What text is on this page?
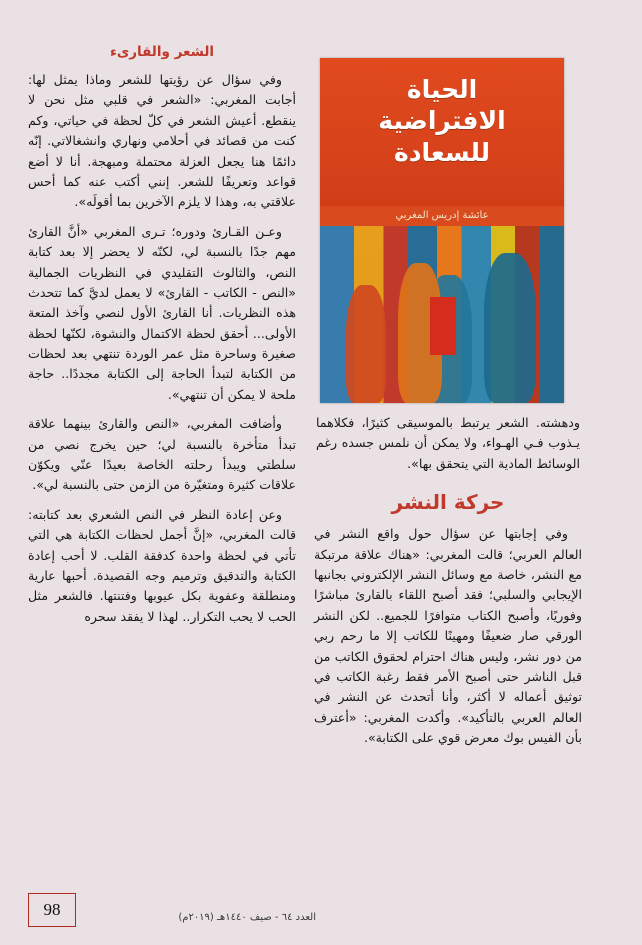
الشعر والقارىء

وفي سؤال عن رؤيتها للشعر وماذا يمثل لها: أجابت المغربي: «الشعر في قلبي مثل نحن لا ينقطع. أعيش الشعر في كلّ لحظة في حياتي، وكم كنت من قصائد في أحلامي ونهاري وانشغالاتي. إنّه دائمًا هنا يجعل العزلة محتملة ومبهجة. أنا لا أضع قواعد وتعريفًا للشعر. إنني أكتب عنه كما أحس علاقتي به، وهذا لا يلزم الآخرين بما أقولَه».

وعـن القـارئ ودوره؛ تـرى المغربي «أنَّ القارئ مهم جدًا بالنسبة لي، لكنّه لا يحضر إلا بعد كتابة النص، والثالوث التقليدي في النظريات الجمالية «النص - الكاتب - القارئ» لا يعمل لديَّ كما تتحدث هذه النظريات. أنا القارئ الأول لنصي وآخذ المتعة الأولى... أحقق لحظة الاكتمال والنشوة، لكنّها لحظة صغيرة وساحرة مثل عمر الوردة تنتهي بعد لحظات من الكتابة لتبدأ الحاجة إلى الكتابة مجددًا.. حاجة ملحة لا يمكن أن تنتهي».

وأضافت المغربي، «النص والقارئ بينهما علاقة تبدأ متأخرة بالنسبة لي؛ حين يخرج نصي من سلطتي ويبدأ رحلته الخاصة بعيدًا عنّي ويكوّن علاقات كثيرة ومتغيّرة من الزمن حتى بالنسبة لي».

وعن إعادة النظر في النص الشعري بعد كتابته: قالت المغربي، «إنَّ أجمل لحظات الكتابة هي التي تأتي في لحظة واحدة كدفقة القلب. لا أحب إعادة الكتابة والتدقيق وترميم وجه القصيدة. أحبها عارية ومنطلقة وعفوية بكل عيوبها وفتنتها. فالشعر مثل الحب لا يحب التكرار.. لهذا لا يفقد سحره

الحياة
الافتراضية
للسعادة
عائشة إدريس المغربي

ودهشته. الشعر يرتبط بالموسيقى كثيرًا، فكلاهما يـذوب فـي الهـواء، ولا يمكن أن نلمس جسده رغم الوسائط المادية التي يتحقق بها».

حركة النشر

وفي إجابتها عن سؤال حول واقع النشر في العالم العربي؛ قالت المغربي: «هناك علاقة مرتبكة مع النشر، خاصة مع وسائل النشر الإلكتروني بجانبها الإيجابي والسلبي؛ فقد أصبح اللقاء بالقارئ مباشرًا وفوريًا، وأصبح الكتاب متوافرًا للجميع.. لكن النشر الورقي صار ضعيفًا ومهينًا للكاتب إلا ما رحم ربي من دور نشر، وليس هناك احترام لحقوق الكاتب من قبل الناشر حتى أصبح الأمر فقط رغبة الكاتب في توثيق أعماله لا أكثر، وأنا أتحدث عن النشر في العالم العربي بالتأكيد». وأكدت المغربي: «أعترف بأن الفيس بوك معرض قوي على الكتابة».

العدد ٦٤ - صيف ١٤٤٠هـ (٢٠١٩م)
98
